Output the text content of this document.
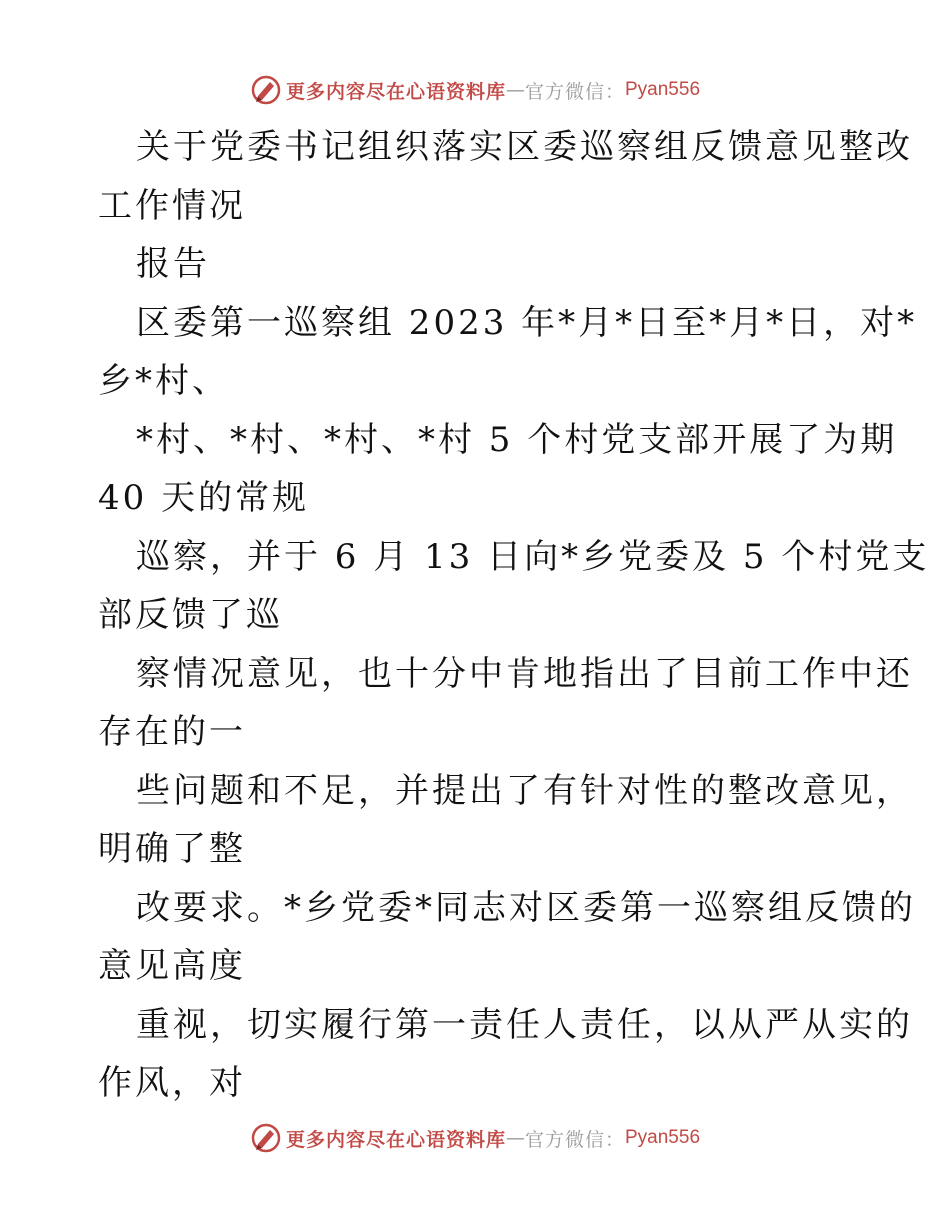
更多内容尽在心语资料库 — 官方微信： Pyan556
关于党委书记组织落实区委巡察组反馈意见整改
工作情况
报告
区委第一巡察组 2023 年*月*日至*月*日，对*
乡*村、
*村、*村、*村、*村 5 个村党支部开展了为期
40 天的常规
巡察，并于 6 月 13 日向*乡党委及 5 个村党支
部反馈了巡
察情况意见，也十分中肯地指出了目前工作中还
存在的一
些问题和不足，并提出了有针对性的整改意见，
明确了整
改要求。*乡党委*同志对区委第一巡察组反馈的
意见高度
重视，切实履行第一责任人责任，以从严从实的
作风，对
更多内容尽在心语资料库 — 官方微信： Pyan556
